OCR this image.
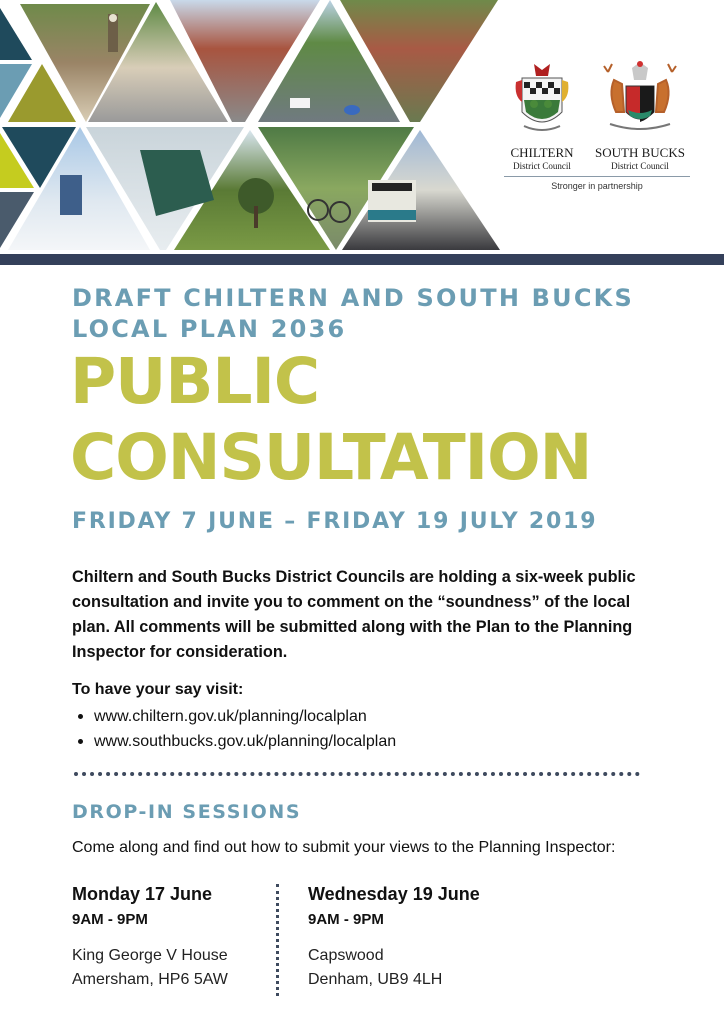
CHILTERN
District Council
SOUTH BUCKS
District Council
Stronger in partnership
DRAFT CHILTERN AND SOUTH BUCKS
LOCAL PLAN 2036
PUBLIC
CONSULTATION
FRIDAY 7 JUNE – FRIDAY 19 JULY 2019
Chiltern and South Bucks District Councils are holding a six-week public consultation and invite you to comment on the “soundness” of the local plan. All comments will be submitted along with the Plan to the Planning Inspector for consideration.
To have your say visit:
www.chiltern.gov.uk/planning/localplan
www.southbucks.gov.uk/planning/localplan
DROP-IN SESSIONS
Come along and find out how to submit your views to the Planning Inspector:
Monday 17 June
9AM - 9PM
King George V House
Amersham, HP6 5AW
Wednesday 19 June
9AM - 9PM
Capswood
Denham, UB9 4LH
